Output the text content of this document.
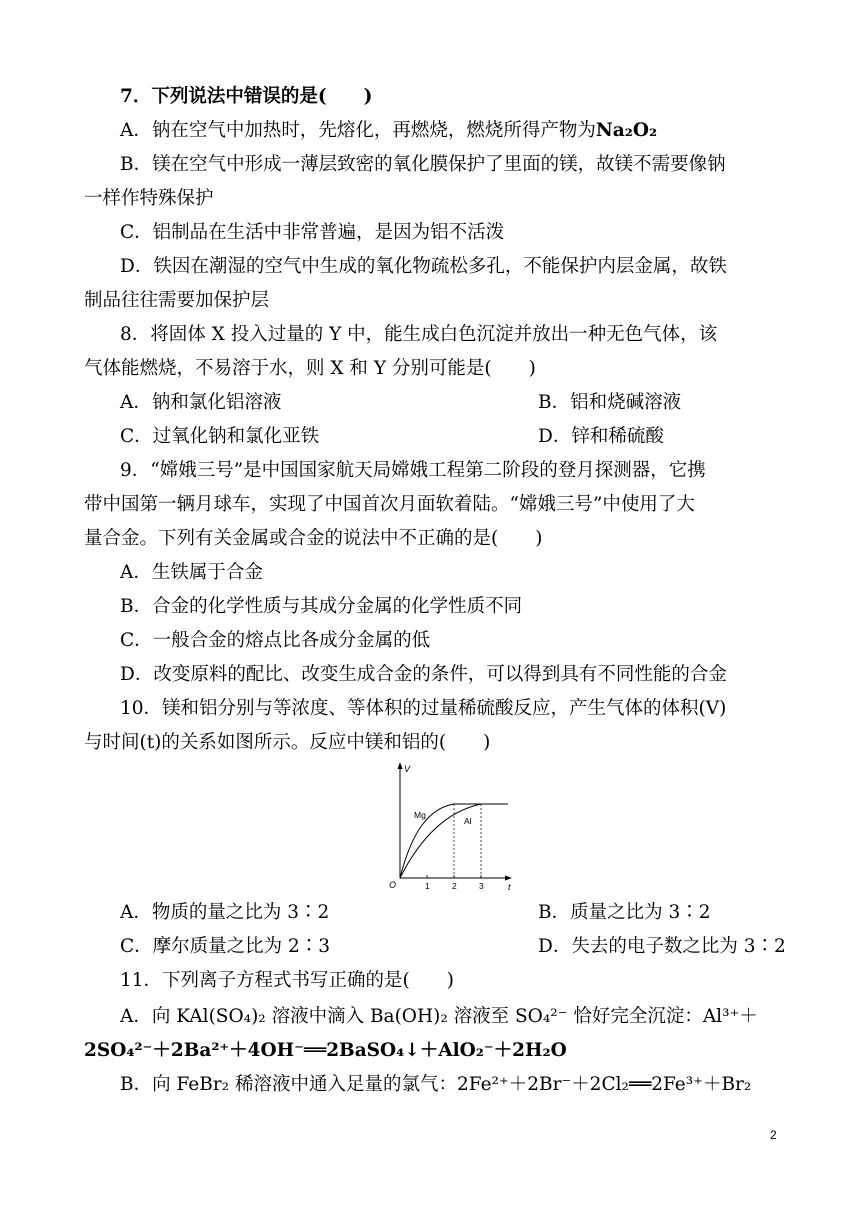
7．下列说法中错误的是(　　)
A．钠在空气中加热时，先熔化，再燃烧，燃烧所得产物为Na₂O₂
B．镁在空气中形成一薄层致密的氧化膜保护了里面的镁，故镁不需要像钠
一样作特殊保护
C．铝制品在生活中非常普遍，是因为铝不活泼
D．铁因在潮湿的空气中生成的氧化物疏松多孔，不能保护内层金属，故铁
制品往往需要加保护层
8．将固体 X 投入过量的 Y 中，能生成白色沉淀并放出一种无色气体，该
气体能燃烧，不易溶于水，则 X 和 Y 分别可能是(　　)
A．钠和氯化铝溶液	B．铝和烧碱溶液
C．过氧化钠和氯化亚铁	D．锌和稀硫酸
9．“嫦娥三号”是中国国家航天局嫦娥工程第二阶段的登月探测器，它携
带中国第一辆月球车，实现了中国首次月面软着陆。“嫦娥三号”中使用了大
量合金。下列有关金属或合金的说法中不正确的是(　　)
A．生铁属于合金
B．合金的化学性质与其成分金属的化学性质不同
C．一般合金的熔点比各成分金属的低
D．改变原料的配比、改变生成合金的条件，可以得到具有不同性能的合金
10．镁和铝分别与等浓度、等体积的过量稀硫酸反应，产生气体的体积(V)
与时间(t)的关系如图所示。反应中镁和铝的(　　)
V
t
O	1	2	3
Mg
Al
A．物质的量之比为 3∶2	B．质量之比为 3∶2
C．摩尔质量之比为 2∶3	D．失去的电子数之比为 3∶2
11．下列离子方程式书写正确的是(　　)
A．向 KAl(SO₄)₂ 溶液中滴入 Ba(OH)₂ 溶液至 SO₄²⁻ 恰好完全沉淀：Al³⁺＋
2SO₄²⁻＋2Ba²⁺＋4OH⁻══2BaSO₄↓＋AlO₂⁻＋2H₂O
B．向 FeBr₂ 稀溶液中通入足量的氯气：2Fe²⁺＋2Br⁻＋2Cl₂══2Fe³⁺＋Br₂
2
